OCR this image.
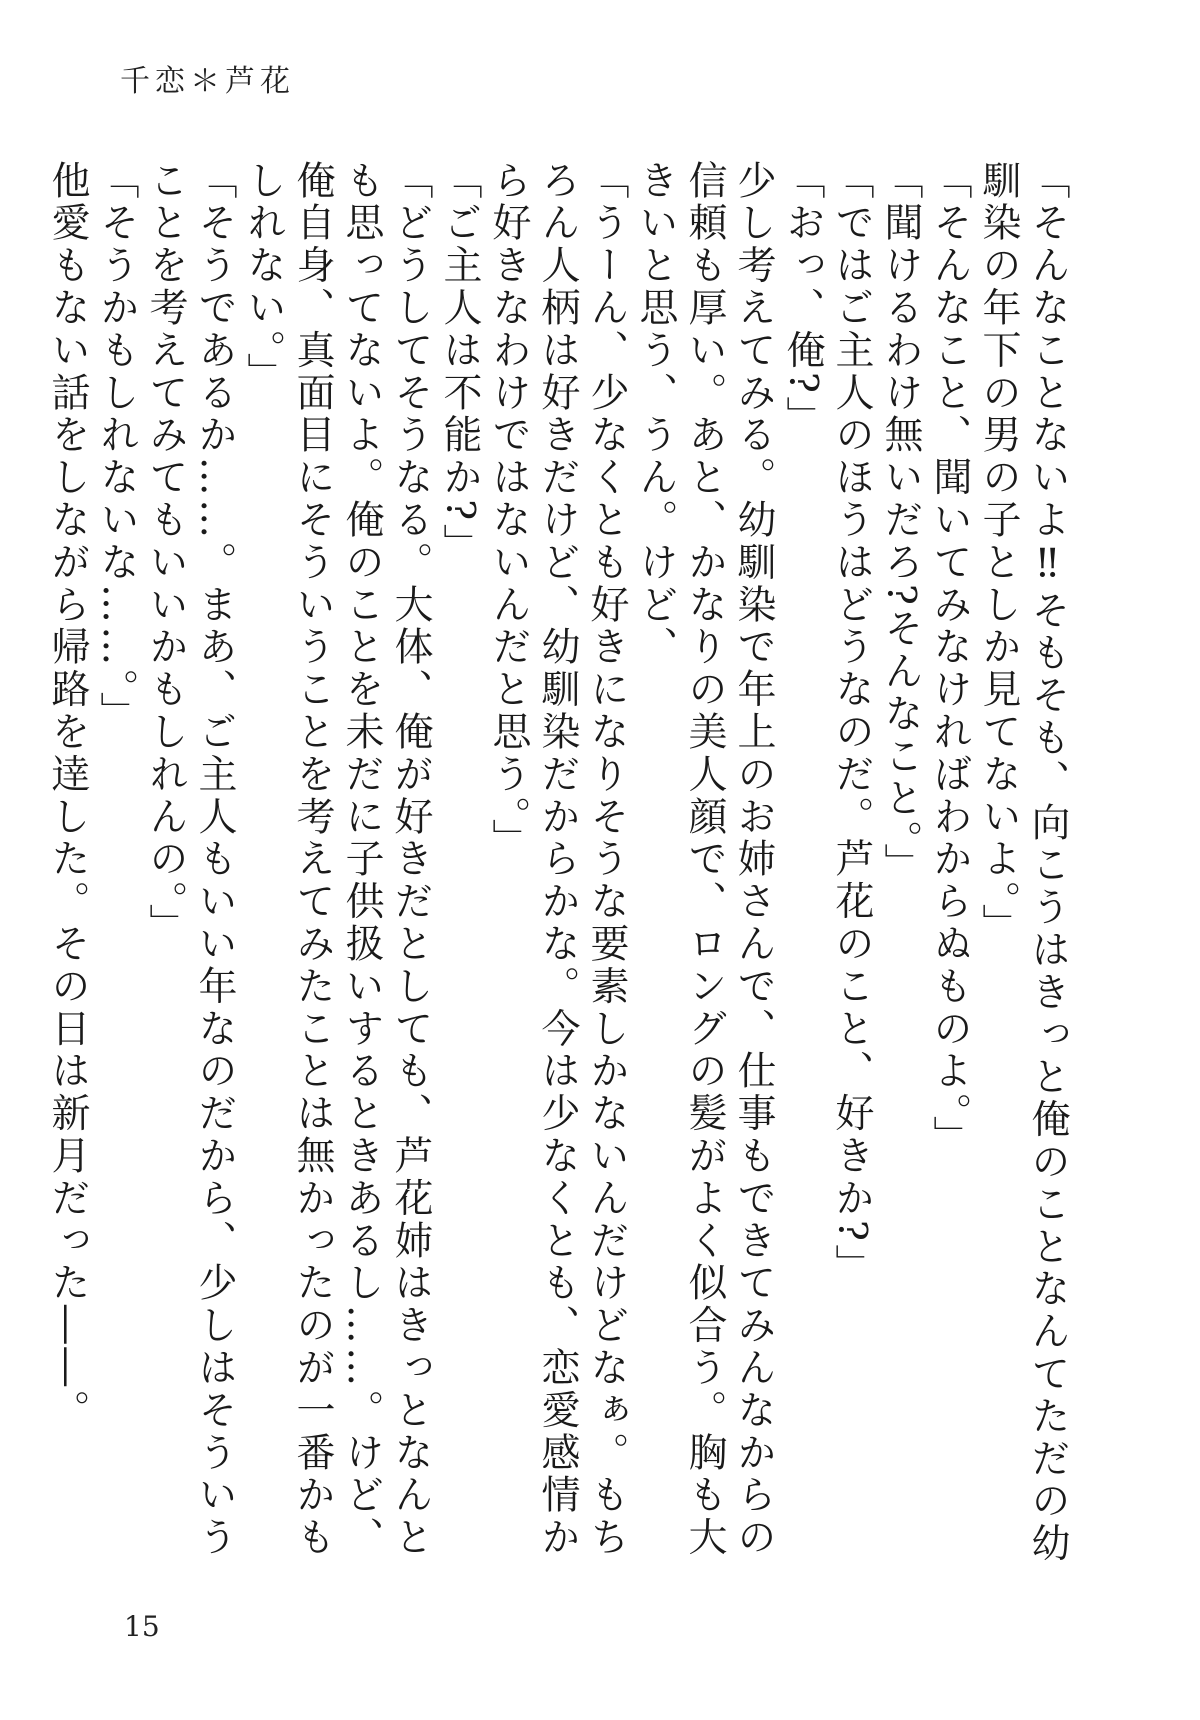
千恋＊芦花

「そんなことないよ‼そもそも、向こうはきっと俺のことなんてただの幼馴染の年下の男の子としか見てないよ。」

「そんなこと、聞いてみなければわからぬものよ。」

「聞けるわけ無いだろ?そんなこと。」

「ではご主人のほうはどうなのだ。芦花のこと、好きか?」

「おっ、俺?」

少し考えてみる。幼馴染で年上のお姉さんで、仕事もできてみんなからの信頼も厚い。あと、かなりの美人顔で、ロングの髪がよく似合う。胸も大きいと思う、うん。けど、

「うーん、少なくとも好きになりそうな要素しかないんだけどなぁ。もちろん人柄は好きだけど、幼馴染だからかな。今は少なくとも、恋愛感情から好きなわけではないんだと思う。」

「ご主人は不能か?」

「どうしてそうなる。大体、俺が好きだとしても、芦花姉はきっとなんとも思ってないよ。俺のことを未だに子供扱いするときあるし……。けど、俺自身、真面目にそういうことを考えてみたことは無かったのが一番かもしれない。」

「そうであるか……。まあ、ご主人もいい年なのだから、少しはそういうことを考えてみてもいいかもしれんの。」

「そうかもしれないな……。」

他愛もない話をしながら帰路を逹した。その日は新月だった――。

15
